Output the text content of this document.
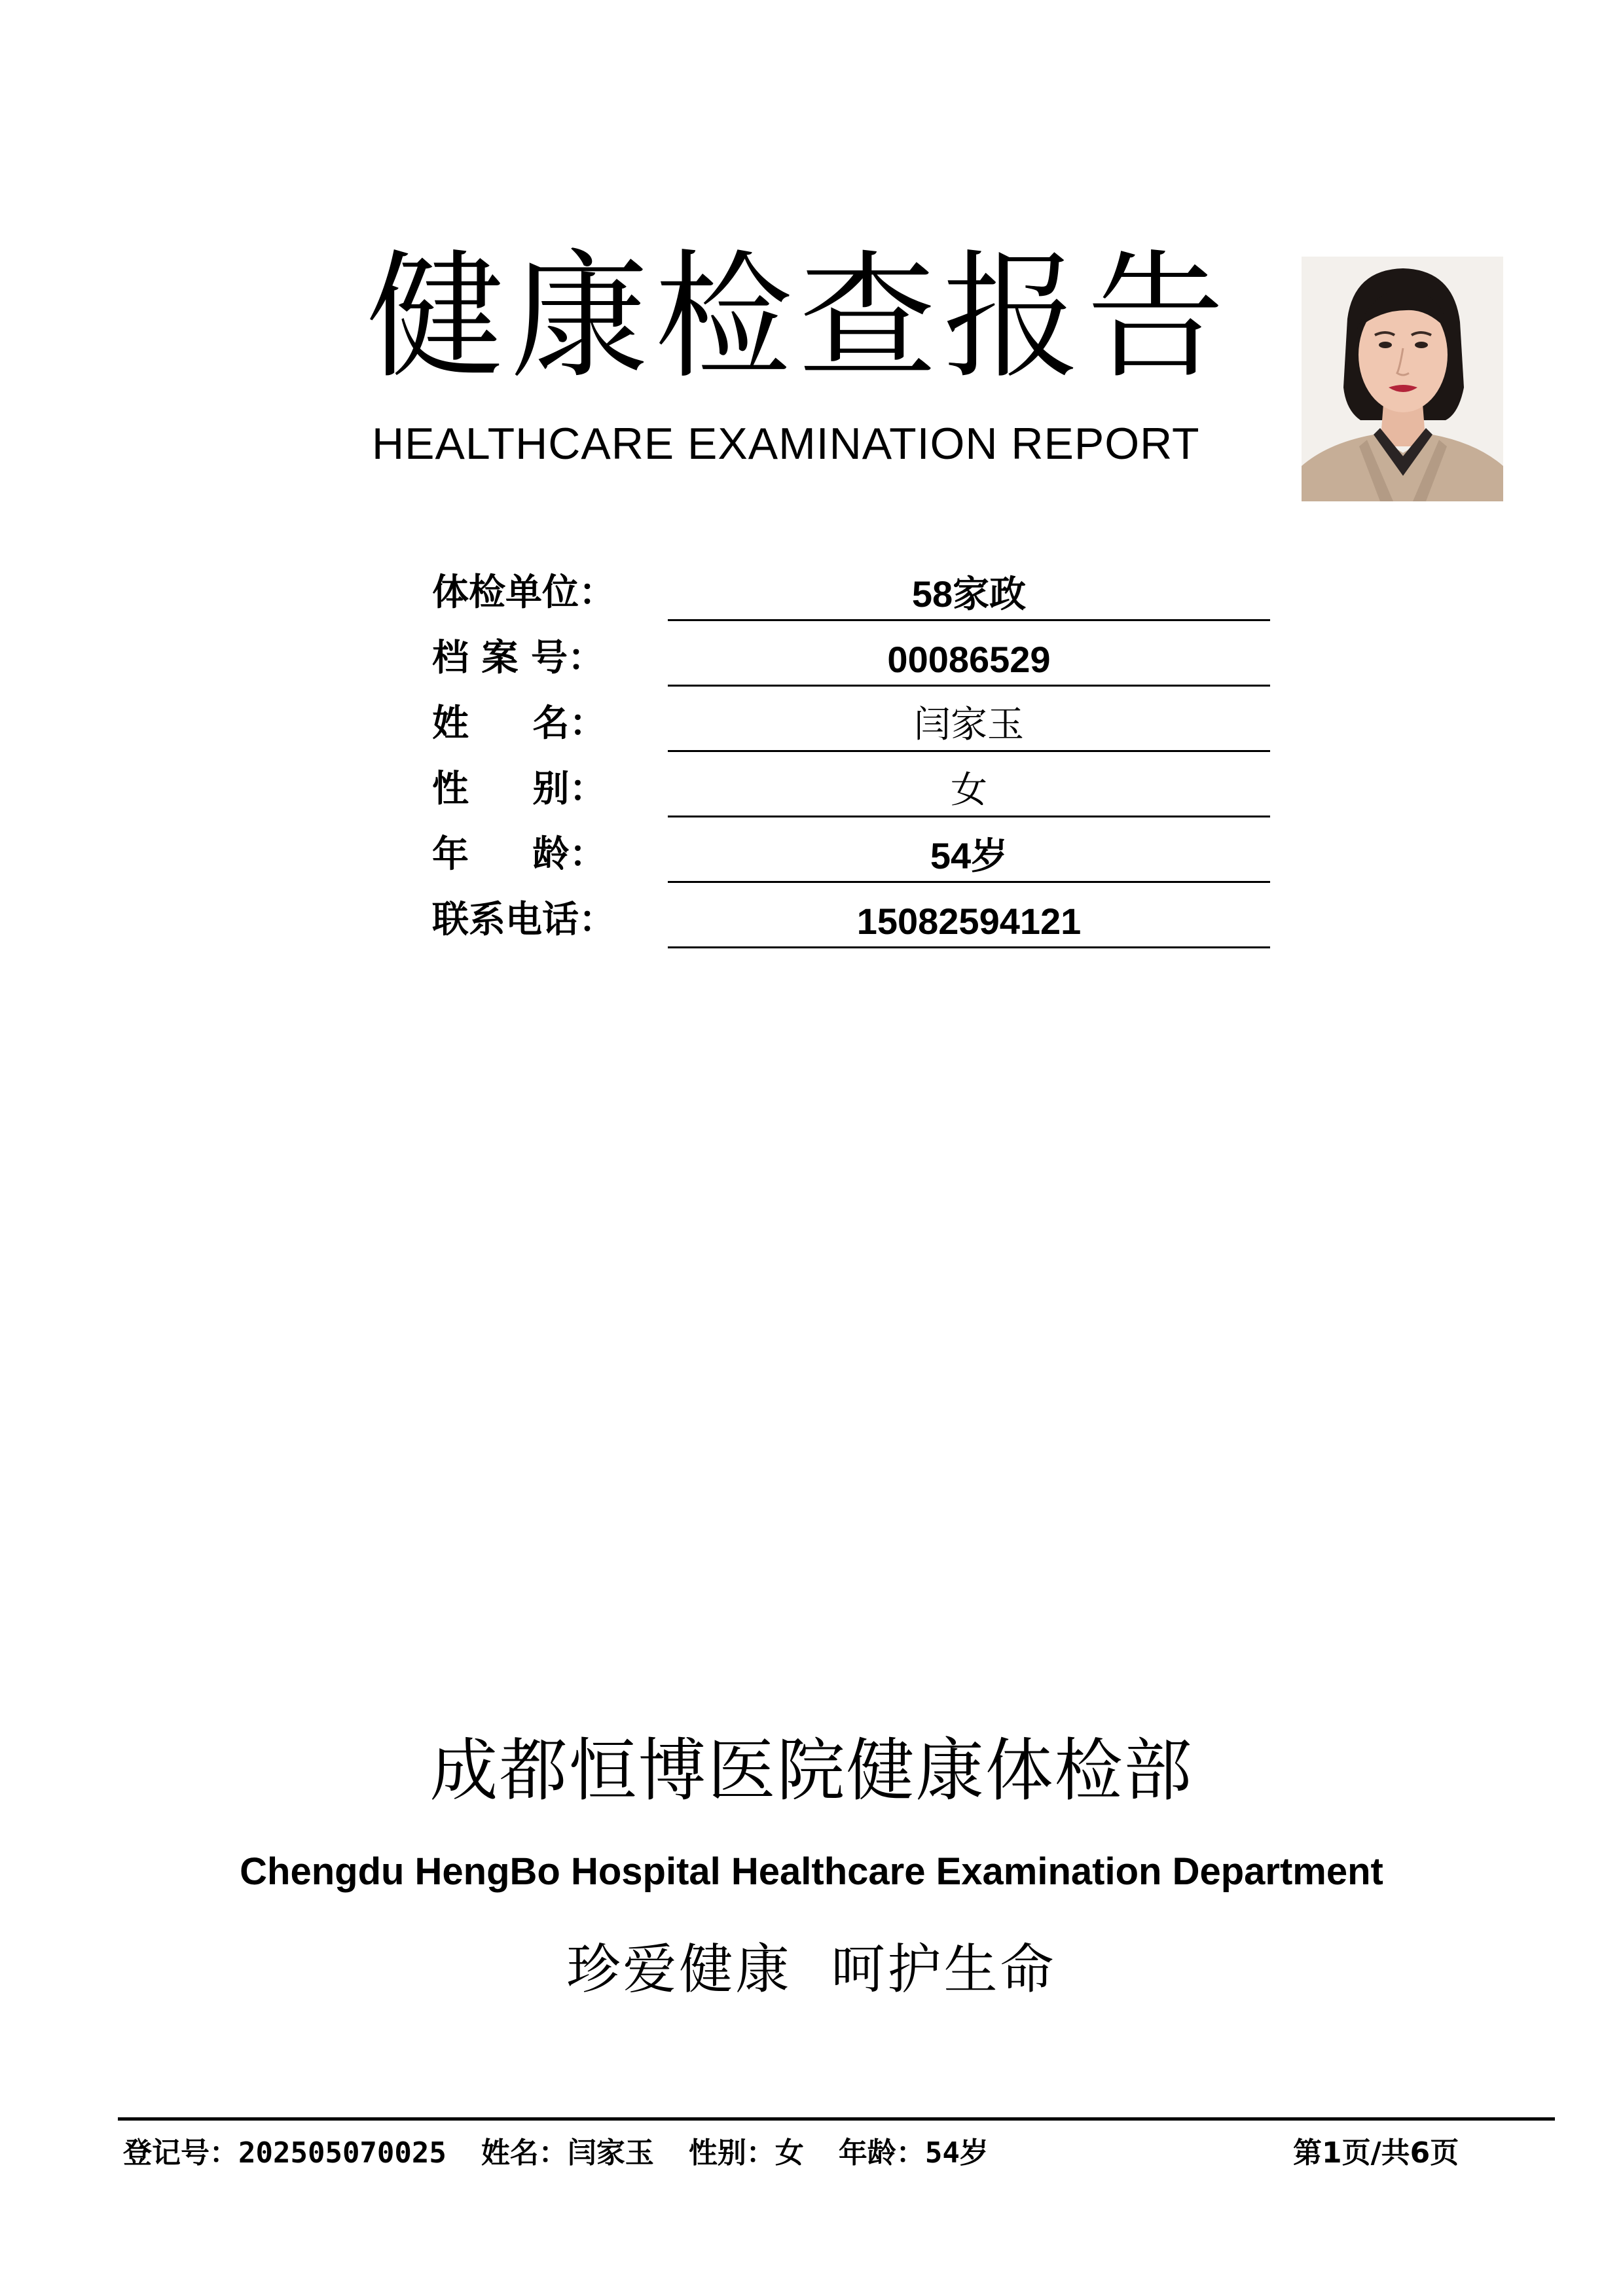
健康检查报告
HEALTHCARE EXAMINATION REPORT
体检单位：	58家政
档 案 号：	00086529
姓     名：	闫家玉
性     别：	女
年     龄：	54岁
联系电话：	15082594121
成都恒博医院健康体检部
Chengdu HengBo Hospital Healthcare Examination Department
珍爱健康  呵护生命
登记号：202505070025  姓名：闫家玉  性别：女  年龄：54岁	第1页/共6页
